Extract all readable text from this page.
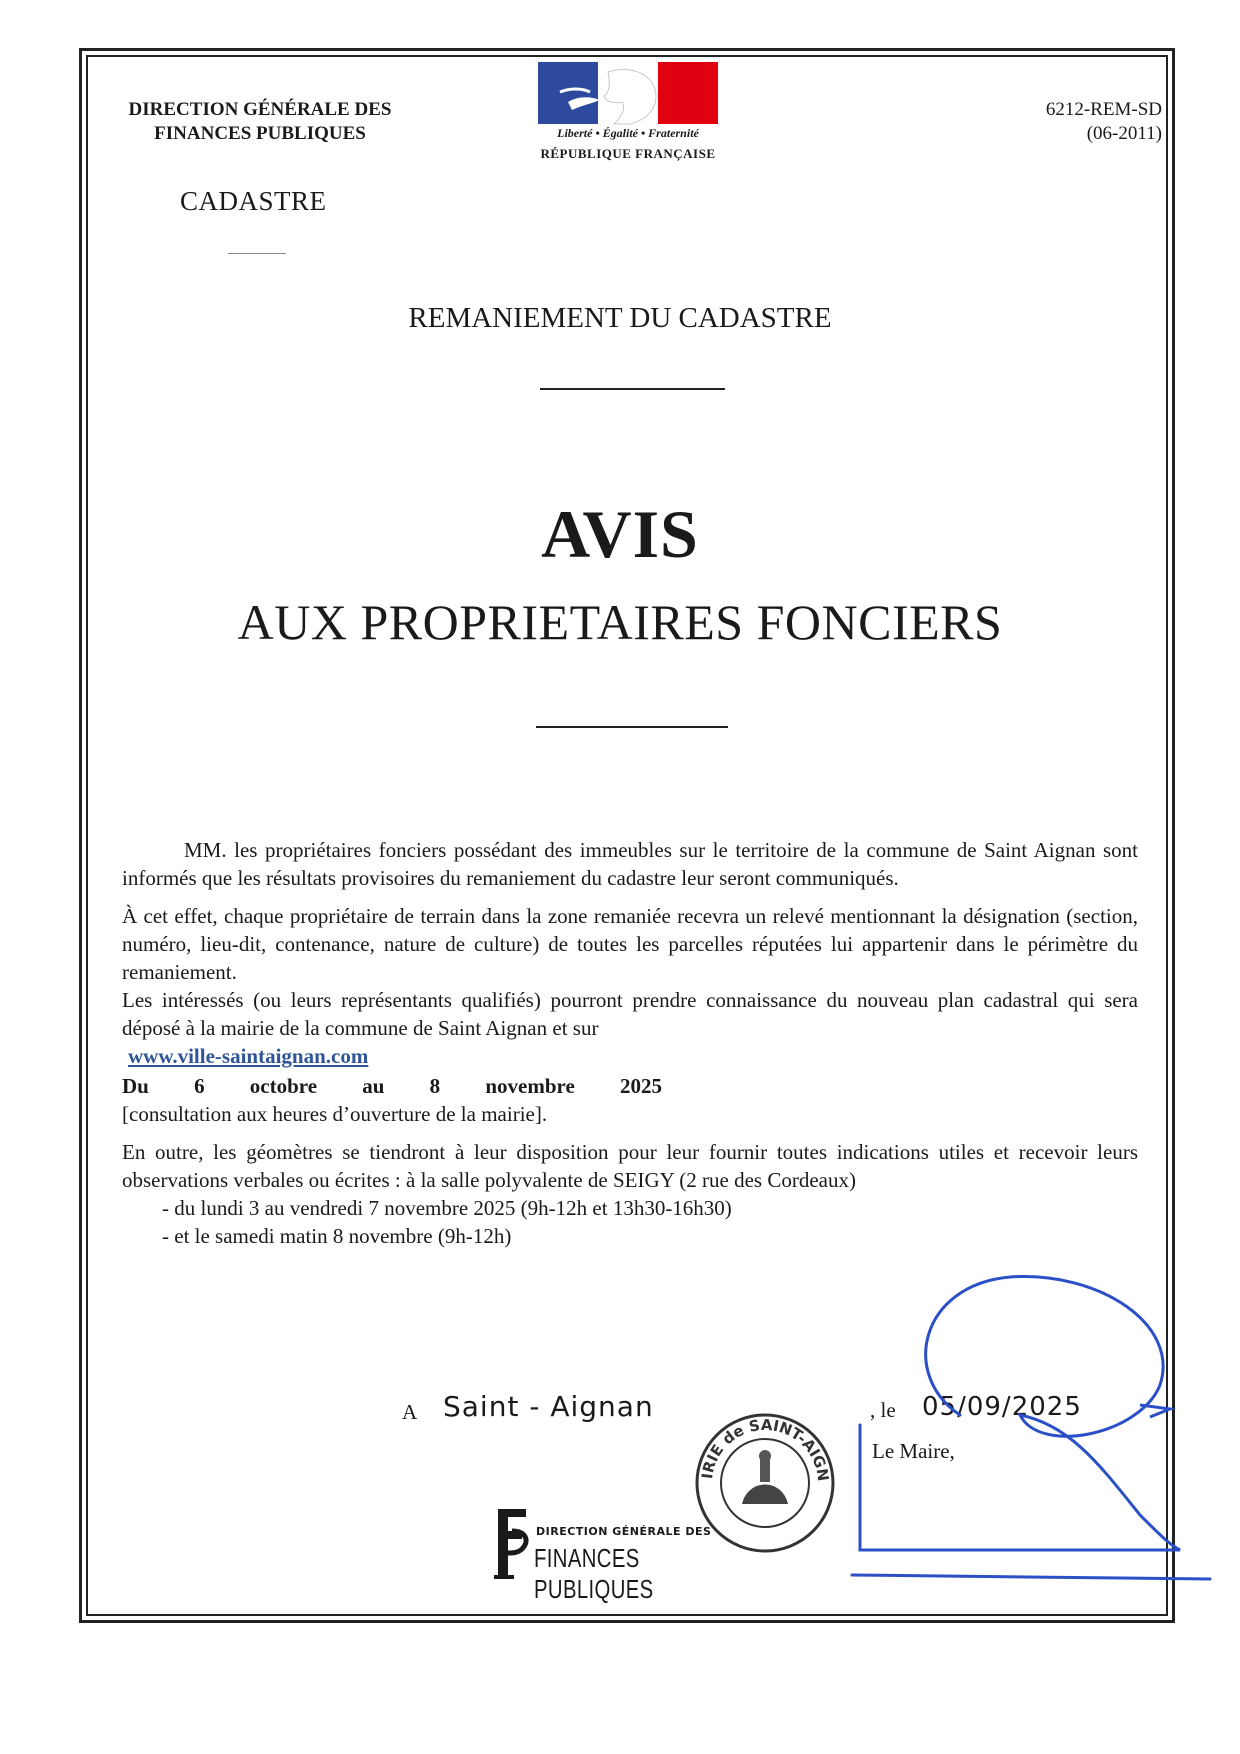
DIRECTION GÉNÉRALE DES
FINANCES PUBLIQUES
CADASTRE
Liberté • Égalité • Fraternité
RÉPUBLIQUE FRANÇAISE
6212-REM-SD
(06-2011)
REMANIEMENT DU CADASTRE
AVIS
AUX PROPRIETAIRES FONCIERS

MM. les propriétaires fonciers possédant des immeubles sur le territoire de la commune de Saint Aignan sont informés que les résultats provisoires du remaniement du cadastre leur seront communiqués.

À cet effet, chaque propriétaire de terrain dans la zone remaniée recevra un relevé mentionnant la désignation (section, numéro, lieu-dit, contenance, nature de culture) de toutes les parcelles réputées lui appartenir dans le périmètre du remaniement.

Les intéressés (ou leurs représentants qualifiés) pourront prendre connaissance du nouveau plan cadastral qui sera déposé à la mairie de la commune de Saint Aignan et sur

www.ville-saintaignan.com
Du 6 octobre au 8 novembre 2025

[consultation aux heures d’ouverture de la mairie].

En outre, les géomètres se tiendront à leur disposition pour leur fournir toutes indications utiles et recevoir leurs observations verbales ou écrites : à la salle polyvalente de SEIGY (2 rue des Cordeaux)

- du lundi 3 au vendredi 7 novembre 2025 (9h-12h et 13h30-16h30)
- et le samedi matin 8 novembre (9h-12h)
A Saint - Aignan	, le 05/09/2025
Le Maire,
IRIE de SAINT-AIGN
DIRECTION GÉNÉRALE DES
FINANCES PUBLIQUES
